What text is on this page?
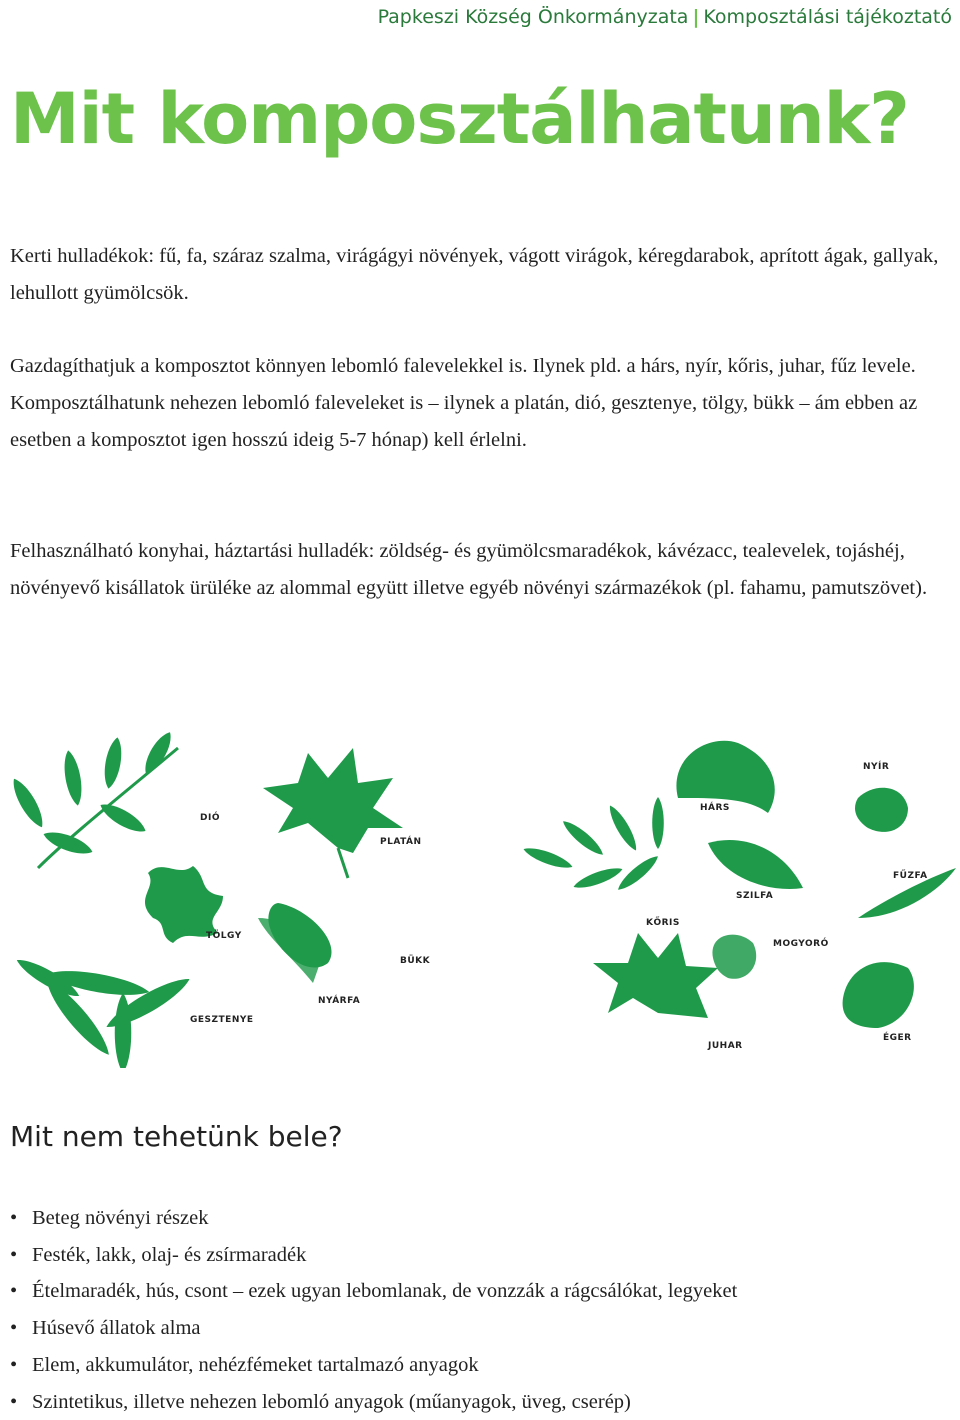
Papkeszi Község Önkormányzata | Komposztálási tájékoztató
Mit komposztálhatunk?

Kerti hulladékok: fű, fa, száraz szalma, virágágyi növények, vágott virágok, kéregdarabok, aprított ágak, gallyak, lehullott gyümölcsök.

Gazdagíthatjuk a komposztot könnyen lebomló falevelekkel is. Ilynek pld. a hárs, nyír, kőris, juhar, fűz levele. Komposztálhatunk nehezen lebomló faleveleket is – ilynek a platán, dió, gesztenye, tölgy, bükk – ám ebben az esetben a komposztot igen hosszú ideig 5-7 hónap) kell érlelni.

Felhasználható konyhai, háztartási hulladék: zöldség- és gyümölcsmaradékok, kávézacc, tealevelek, tojáshéj, növényevő kisállatok ürüléke az alommal együtt illetve egyéb növényi származékok (pl. fahamu, pamutszövet).

DIÓ
PLATÁN
TÖLGY
BÜKK
NYÁRFA
GESZTENYE
NYÍR
HÁRS
FŰZFA
SZILFA
KŐRIS
MOGYORÓ
JUHAR
ÉGER
Mit nem tehetünk bele?
• Beteg növényi részek
• Festék, lakk, olaj- és zsírmaradék
• Ételmaradék, hús, csont – ezek ugyan lebomlanak, de vonzzák a rágcsálókat, legyeket
• Húsevő állatok alma
• Elem, akkumulátor, nehézfémeket tartalmazó anyagok
• Szintetikus, illetve nehezen lebomló anyagok (műanyagok, üveg, cserép)
